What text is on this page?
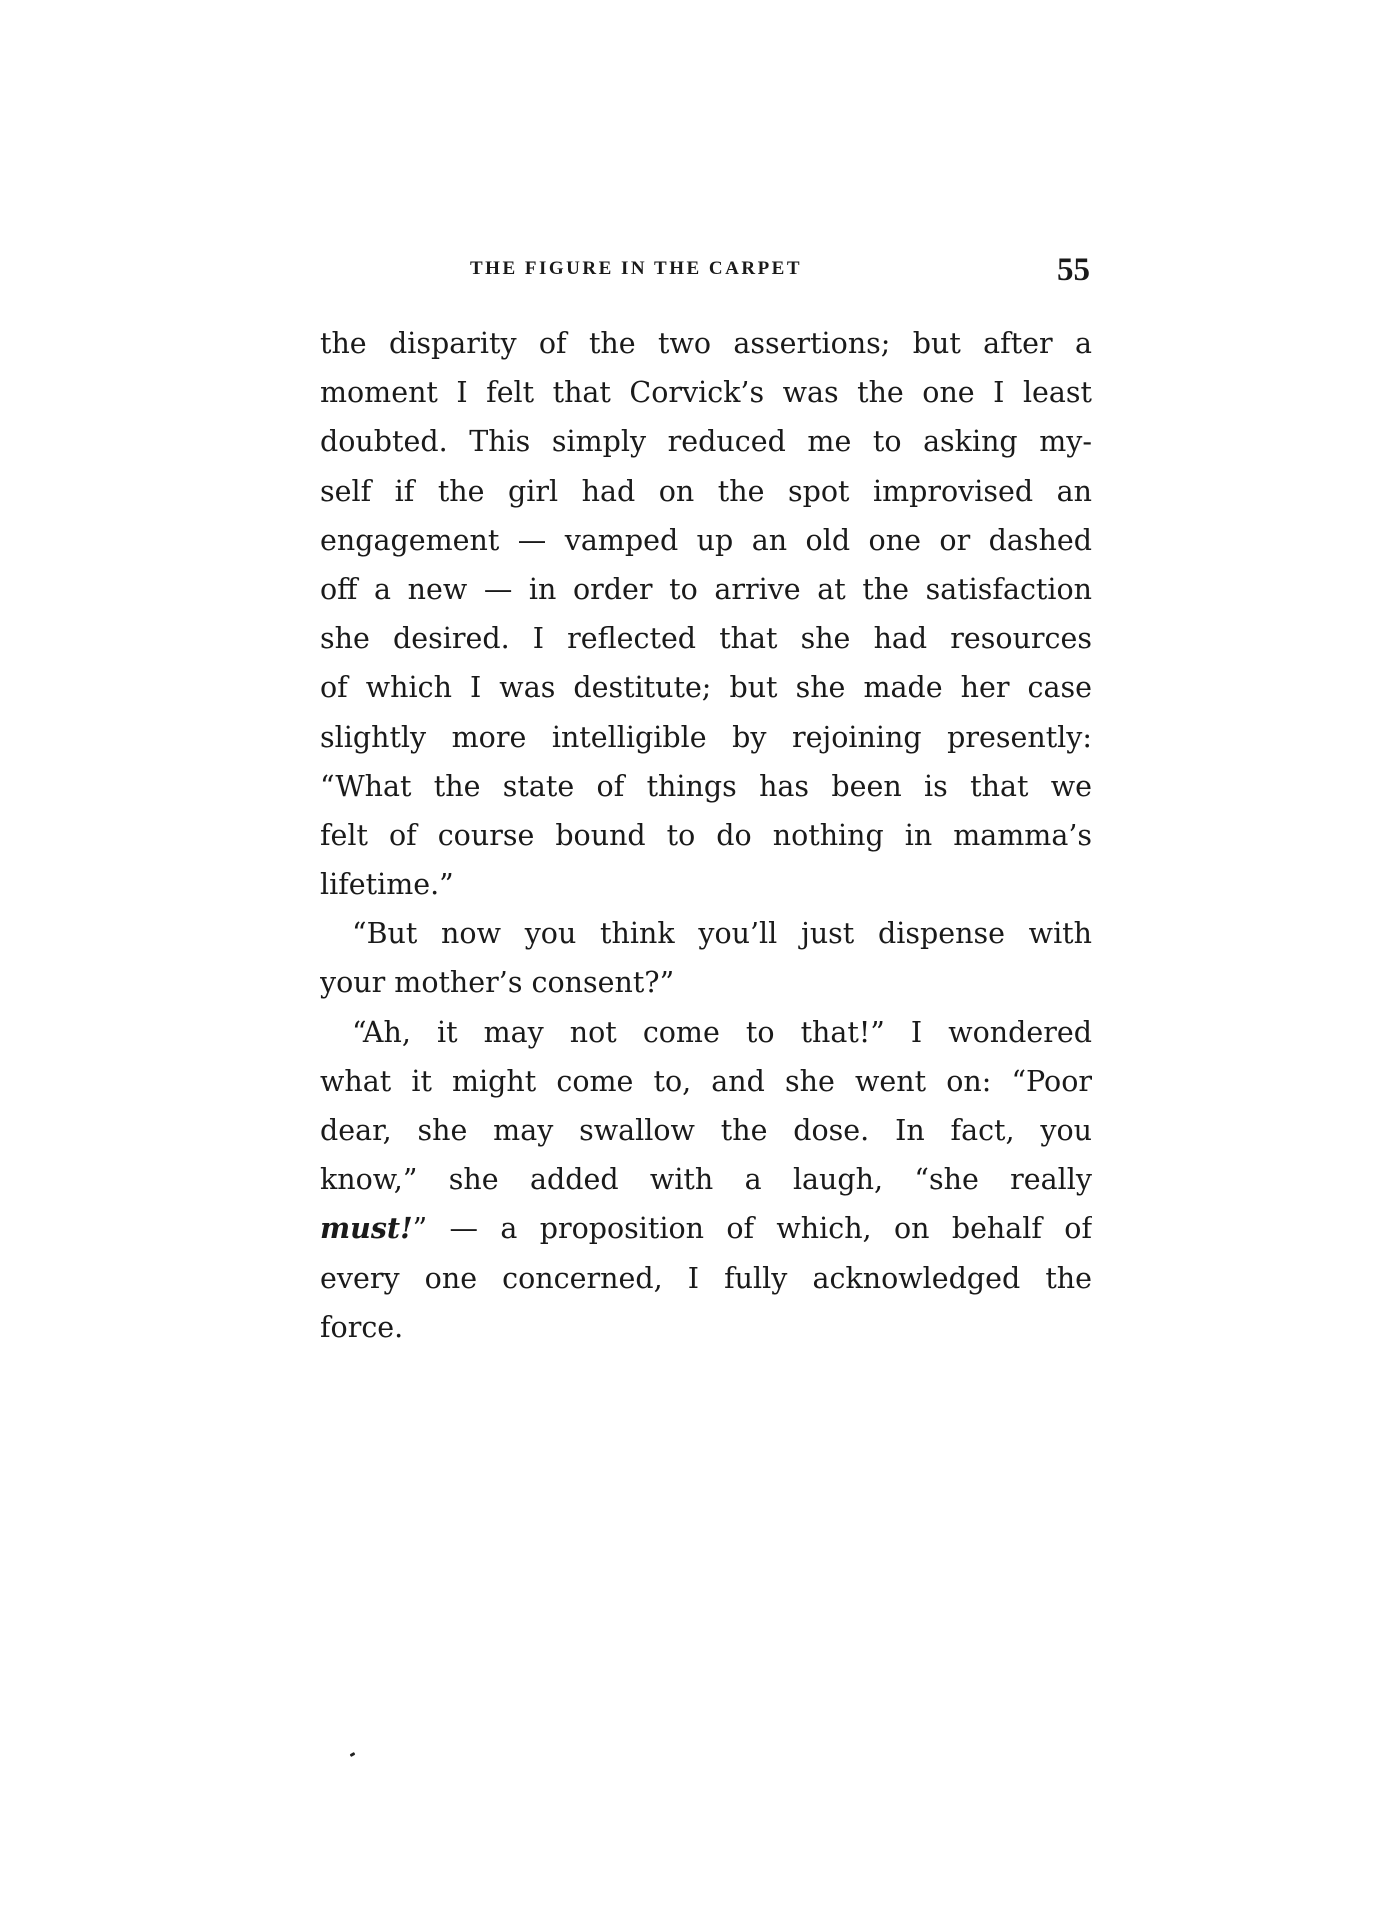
THE FIGURE IN THE CARPET	55
the disparity of the two assertions; but after a
moment I felt that Corvick’s was the one I least
doubted. This simply reduced me to asking my-
self if the girl had on the spot improvised an
engagement — vamped up an old one or dashed
off a new — in order to arrive at the satisfaction
she desired. I reflected that she had resources
of which I was destitute; but she made her case
slightly more intelligible by rejoining presently:
“What the state of things has been is that we
felt of course bound to do nothing in mamma’s
lifetime.”
“But now you think you’ll just dispense with
your mother’s consent?”
“Ah, it may not come to that!” I wondered
what it might come to, and she went on: “Poor
dear, she may swallow the dose. In fact, you
know,” she added with a laugh, “she really
must!” — a proposition of which, on behalf of
every one concerned, I fully acknowledged the
force.
